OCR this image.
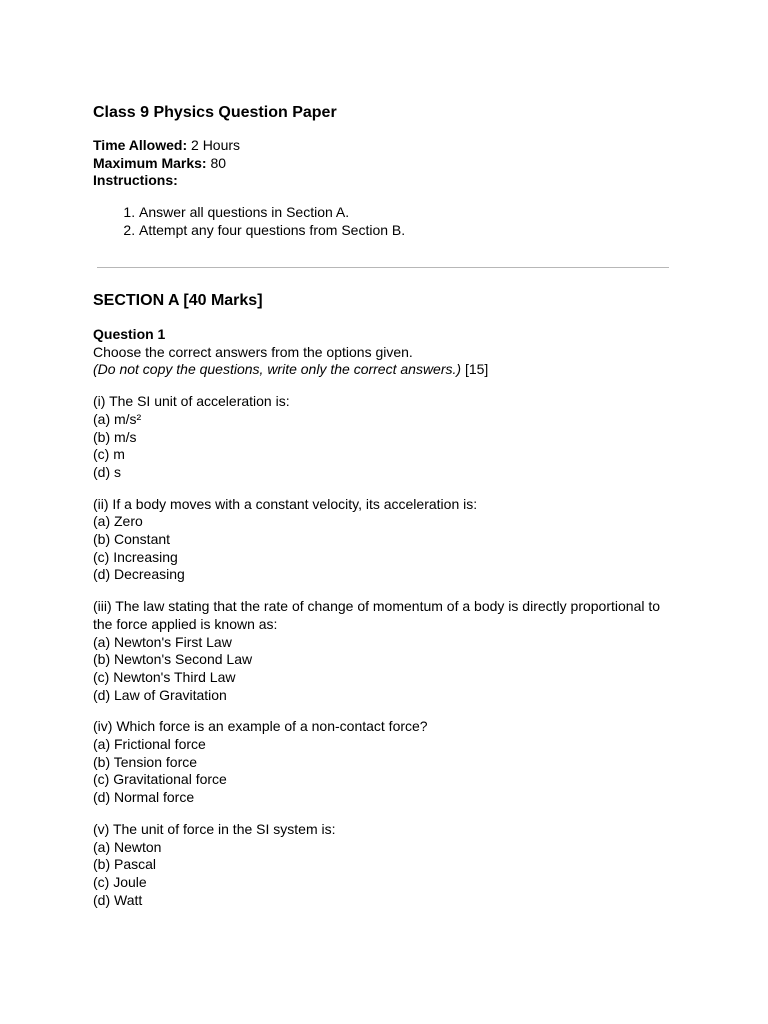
Class 9 Physics Question Paper

Time Allowed: 2 Hours

Maximum Marks: 80

Instructions:

1. Answer all questions in Section A.
2. Attempt any four questions from Section B.

SECTION A [40 Marks]

Question 1

Choose the correct answers from the options given.

(Do not copy the questions, write only the correct answers.) [15]

(i) The SI unit of acceleration is:

(a) m/s²

(b) m/s

(c) m

(d) s

(ii) If a body moves with a constant velocity, its acceleration is:

(a) Zero

(b) Constant

(c) Increasing

(d) Decreasing

(iii) The law stating that the rate of change of momentum of a body is directly proportional to the force applied is known as:

(a) Newton's First Law

(b) Newton's Second Law

(c) Newton's Third Law

(d) Law of Gravitation

(iv) Which force is an example of a non-contact force?

(a) Frictional force

(b) Tension force

(c) Gravitational force

(d) Normal force

(v) The unit of force in the SI system is:

(a) Newton

(b) Pascal

(c) Joule

(d) Watt
